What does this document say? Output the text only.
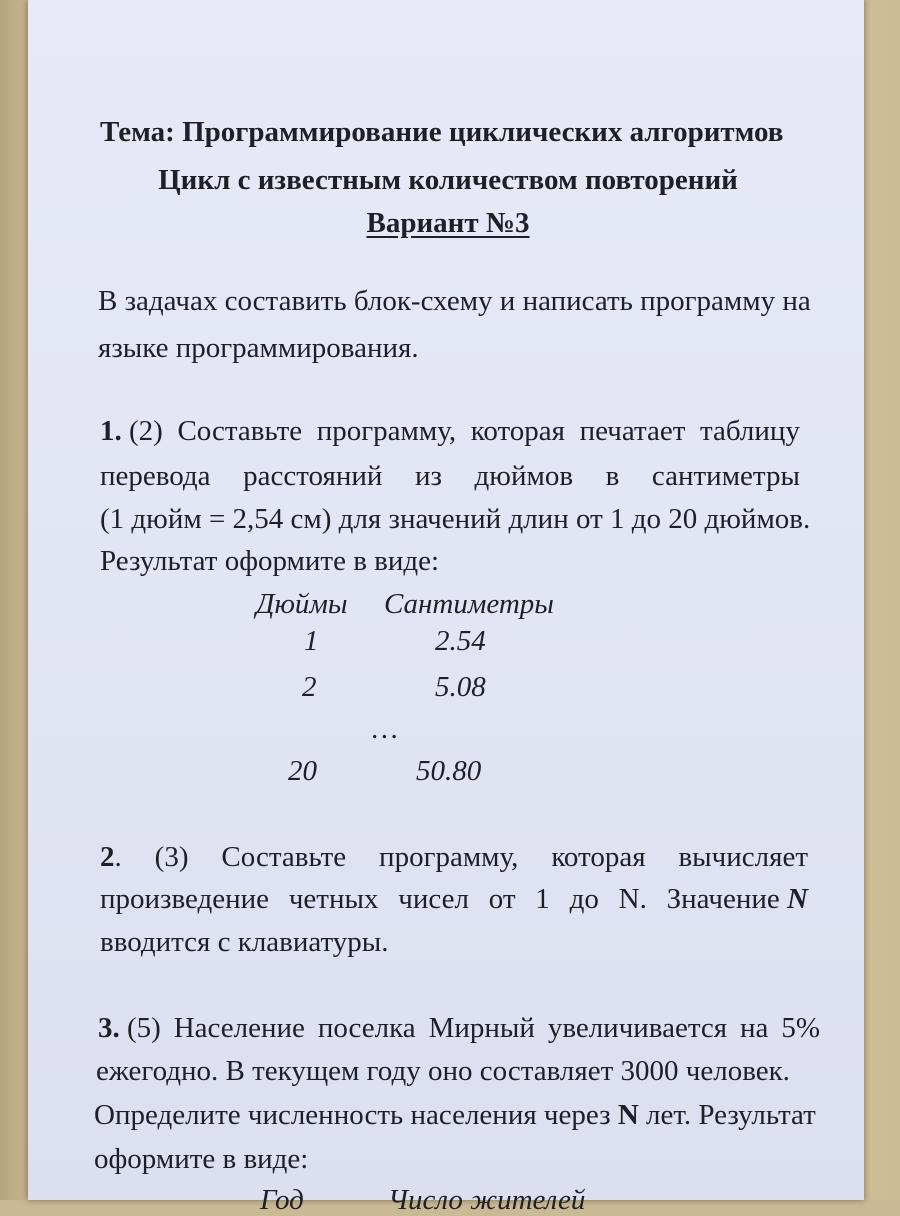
Тема: Программирование циклических алгоритмов
Цикл с известным количеством повторений
Вариант №3
В задачах составить блок-схему и написать программу на
языке программирования.
1. (2) Составьте программу, которая печатает таблицу
перевода расстояний из дюймов в сантиметры
(1 дюйм = 2,54 см) для значений длин от 1 до 20 дюймов.
Результат оформите в виде:
Дюймы Сантиметры
1	2.54
2	5.08
…
20	50.80
2. (3) Составьте программу, которая вычисляет
произведение четных чисел от 1 до N. Значение N
вводится с клавиатуры.
3. (5) Население поселка Мирный увеличивается на 5%
ежегодно. В текущем году оно составляет 3000 человек.
Определите численность населения через N лет. Результат
оформите в виде:
Год	Число жителей
